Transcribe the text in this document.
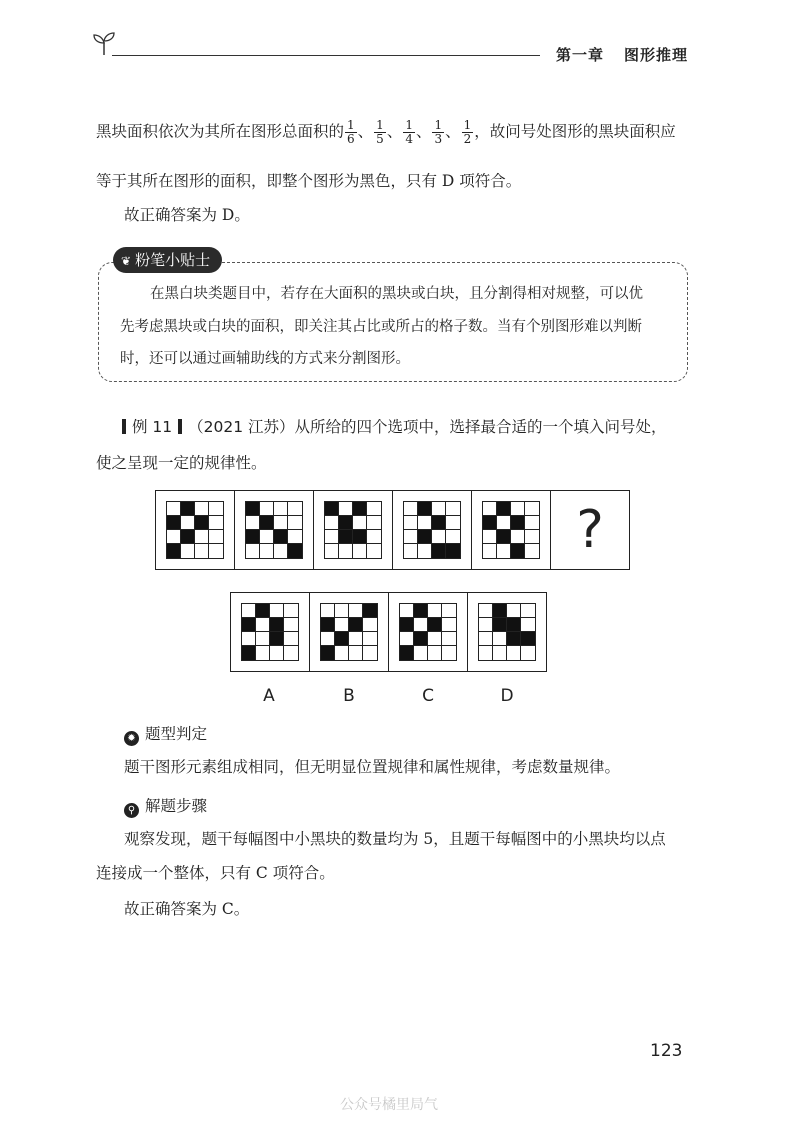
第一章 图形推理
黑块面积依次为其所在图形总面积的 $\frac{1}{6}$ 、 $\frac{1}{5}$ 、 $\frac{1}{4}$ 、 $\frac{1}{3}$ 、 $\frac{1}{2}$ ，故问号处图形的黑块面积应
等于其所在图形的面积，即整个图形为黑色，只有 D 项符合。
故正确答案为 D。
❦ 粉笔小贴士
在黑白块类题目中，若存在大面积的黑块或白块，且分割得相对规整，可以优
先考虑黑块或白块的面积，即关注其占比或所占的格子数。当有个别图形难以判断
时，还可以通过画辅助线的方式来分割图形。
例 11 （2021 江苏）从所给的四个选项中，选择最合适的一个填入问号处，
使之呈现一定的规律性。
?
A	B	C	D
✹ 题型判定
题干图形元素组成相同，但无明显位置规律和属性规律，考虑数量规律。
⚲ 解题步骤
观察发现，题干每幅图中小黑块的数量均为 5，且题干每幅图中的小黑块均以点
连接成一个整体，只有 C 项符合。
故正确答案为 C。
123
公众号橘里局气
